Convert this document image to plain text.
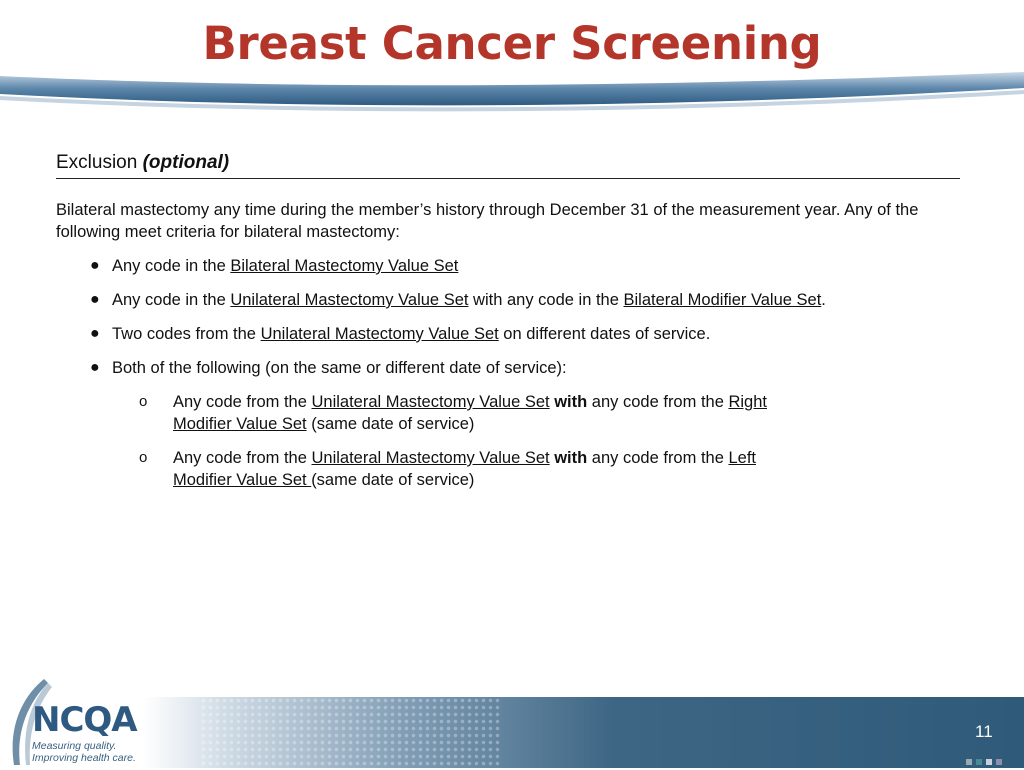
Breast Cancer Screening
Exclusion (optional)

Bilateral mastectomy any time during the member’s history through December 31 of the measurement year. Any of the following meet criteria for bilateral mastectomy:

● Any code in the Bilateral Mastectomy Value Set
● Any code in the Unilateral Mastectomy Value Set with any code in the Bilateral Modifier Value Set.
● Two codes from the Unilateral Mastectomy Value Set on different dates of service.
● Both of the following (on the same or different date of service):
o Any code from the Unilateral Mastectomy Value Set with any code from the Right Modifier Value Set (same date of service)
o Any code from the Unilateral Mastectomy Value Set with any code from the Left Modifier Value Set (same date of service)
NCQA
Measuring quality.
Improving health care.
11
